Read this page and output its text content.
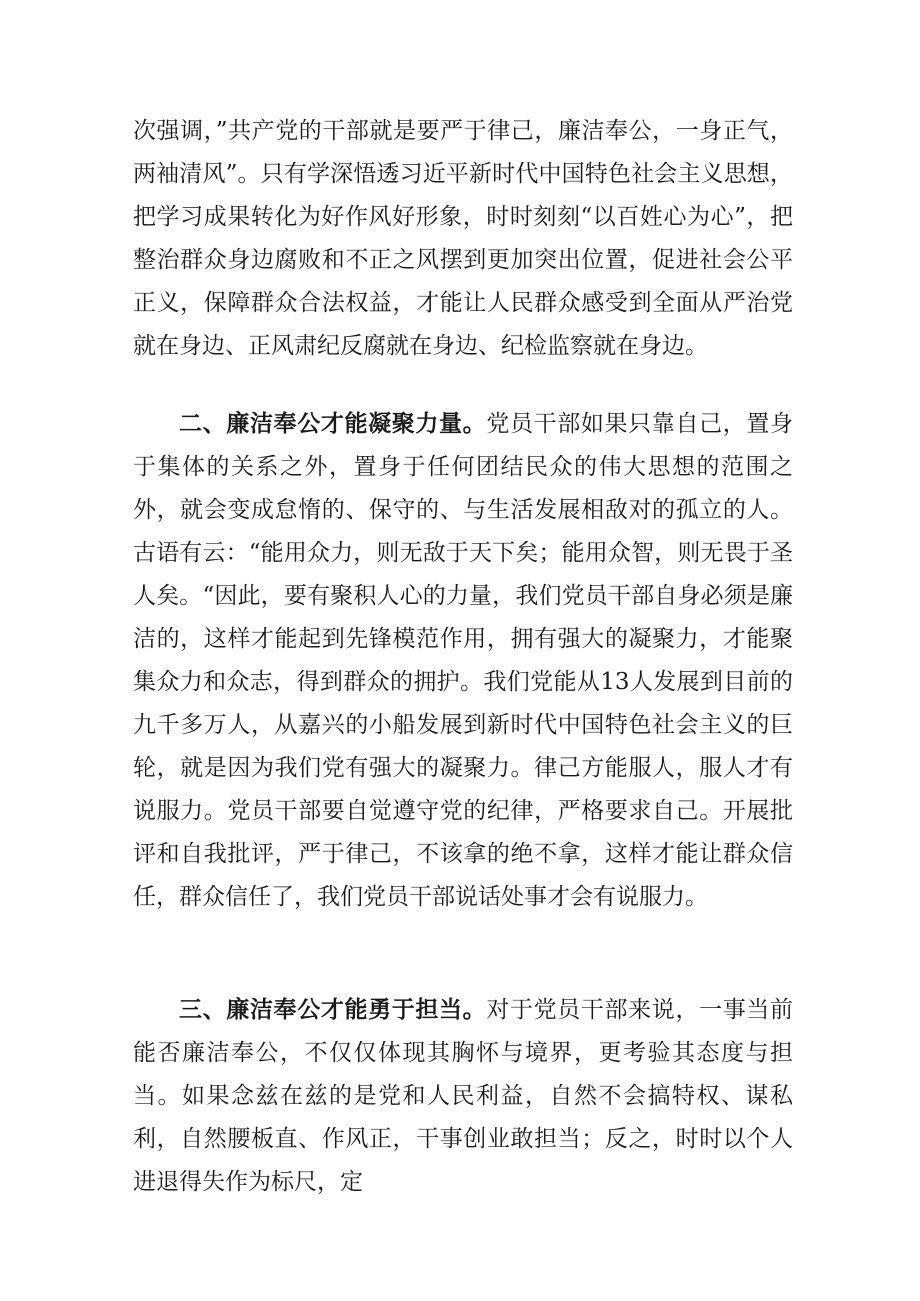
次强调，”共产党的干部就是要严于律己，廉洁奉公，一身正气，两袖清风”。只有学深悟透习近平新时代中国特色社会主义思想，把学习成果转化为好作风好形象，时时刻刻“以百姓心为心”，把整治群众身边腐败和不正之风摆到更加突出位置，促进社会公平正义，保障群众合法权益，才能让人民群众感受到全面从严治党就在身边、正风肃纪反腐就在身边、纪检监察就在身边。

二、廉洁奉公才能凝聚力量。党员干部如果只靠自己，置身于集体的关系之外，置身于任何团结民众的伟大思想的范围之外，就会变成怠惰的、保守的、与生活发展相敌对的孤立的人。古语有云：“能用众力，则无敌于天下矣；能用众智，则无畏于圣人矣。“因此，要有聚积人心的力量，我们党员干部自身必须是廉洁的，这样才能起到先锋模范作用，拥有强大的凝聚力，才能聚集众力和众志，得到群众的拥护。我们党能从13人发展到目前的九千多万人，从嘉兴的小船发展到新时代中国特色社会主义的巨轮，就是因为我们党有强大的凝聚力。律己方能服人，服人才有说服力。党员干部要自觉遵守党的纪律，严格要求自己。开展批评和自我批评，严于律己，不该拿的绝不拿，这样才能让群众信任，群众信任了，我们党员干部说话处事才会有说服力。

三、廉洁奉公才能勇于担当。对于党员干部来说，一事当前能否廉洁奉公，不仅仅体现其胸怀与境界，更考验其态度与担当。如果念兹在兹的是党和人民利益，自然不会搞特权、谋私利，自然腰板直、作风正，干事创业敢担当；反之，时时以个人进退得失作为标尺，定
